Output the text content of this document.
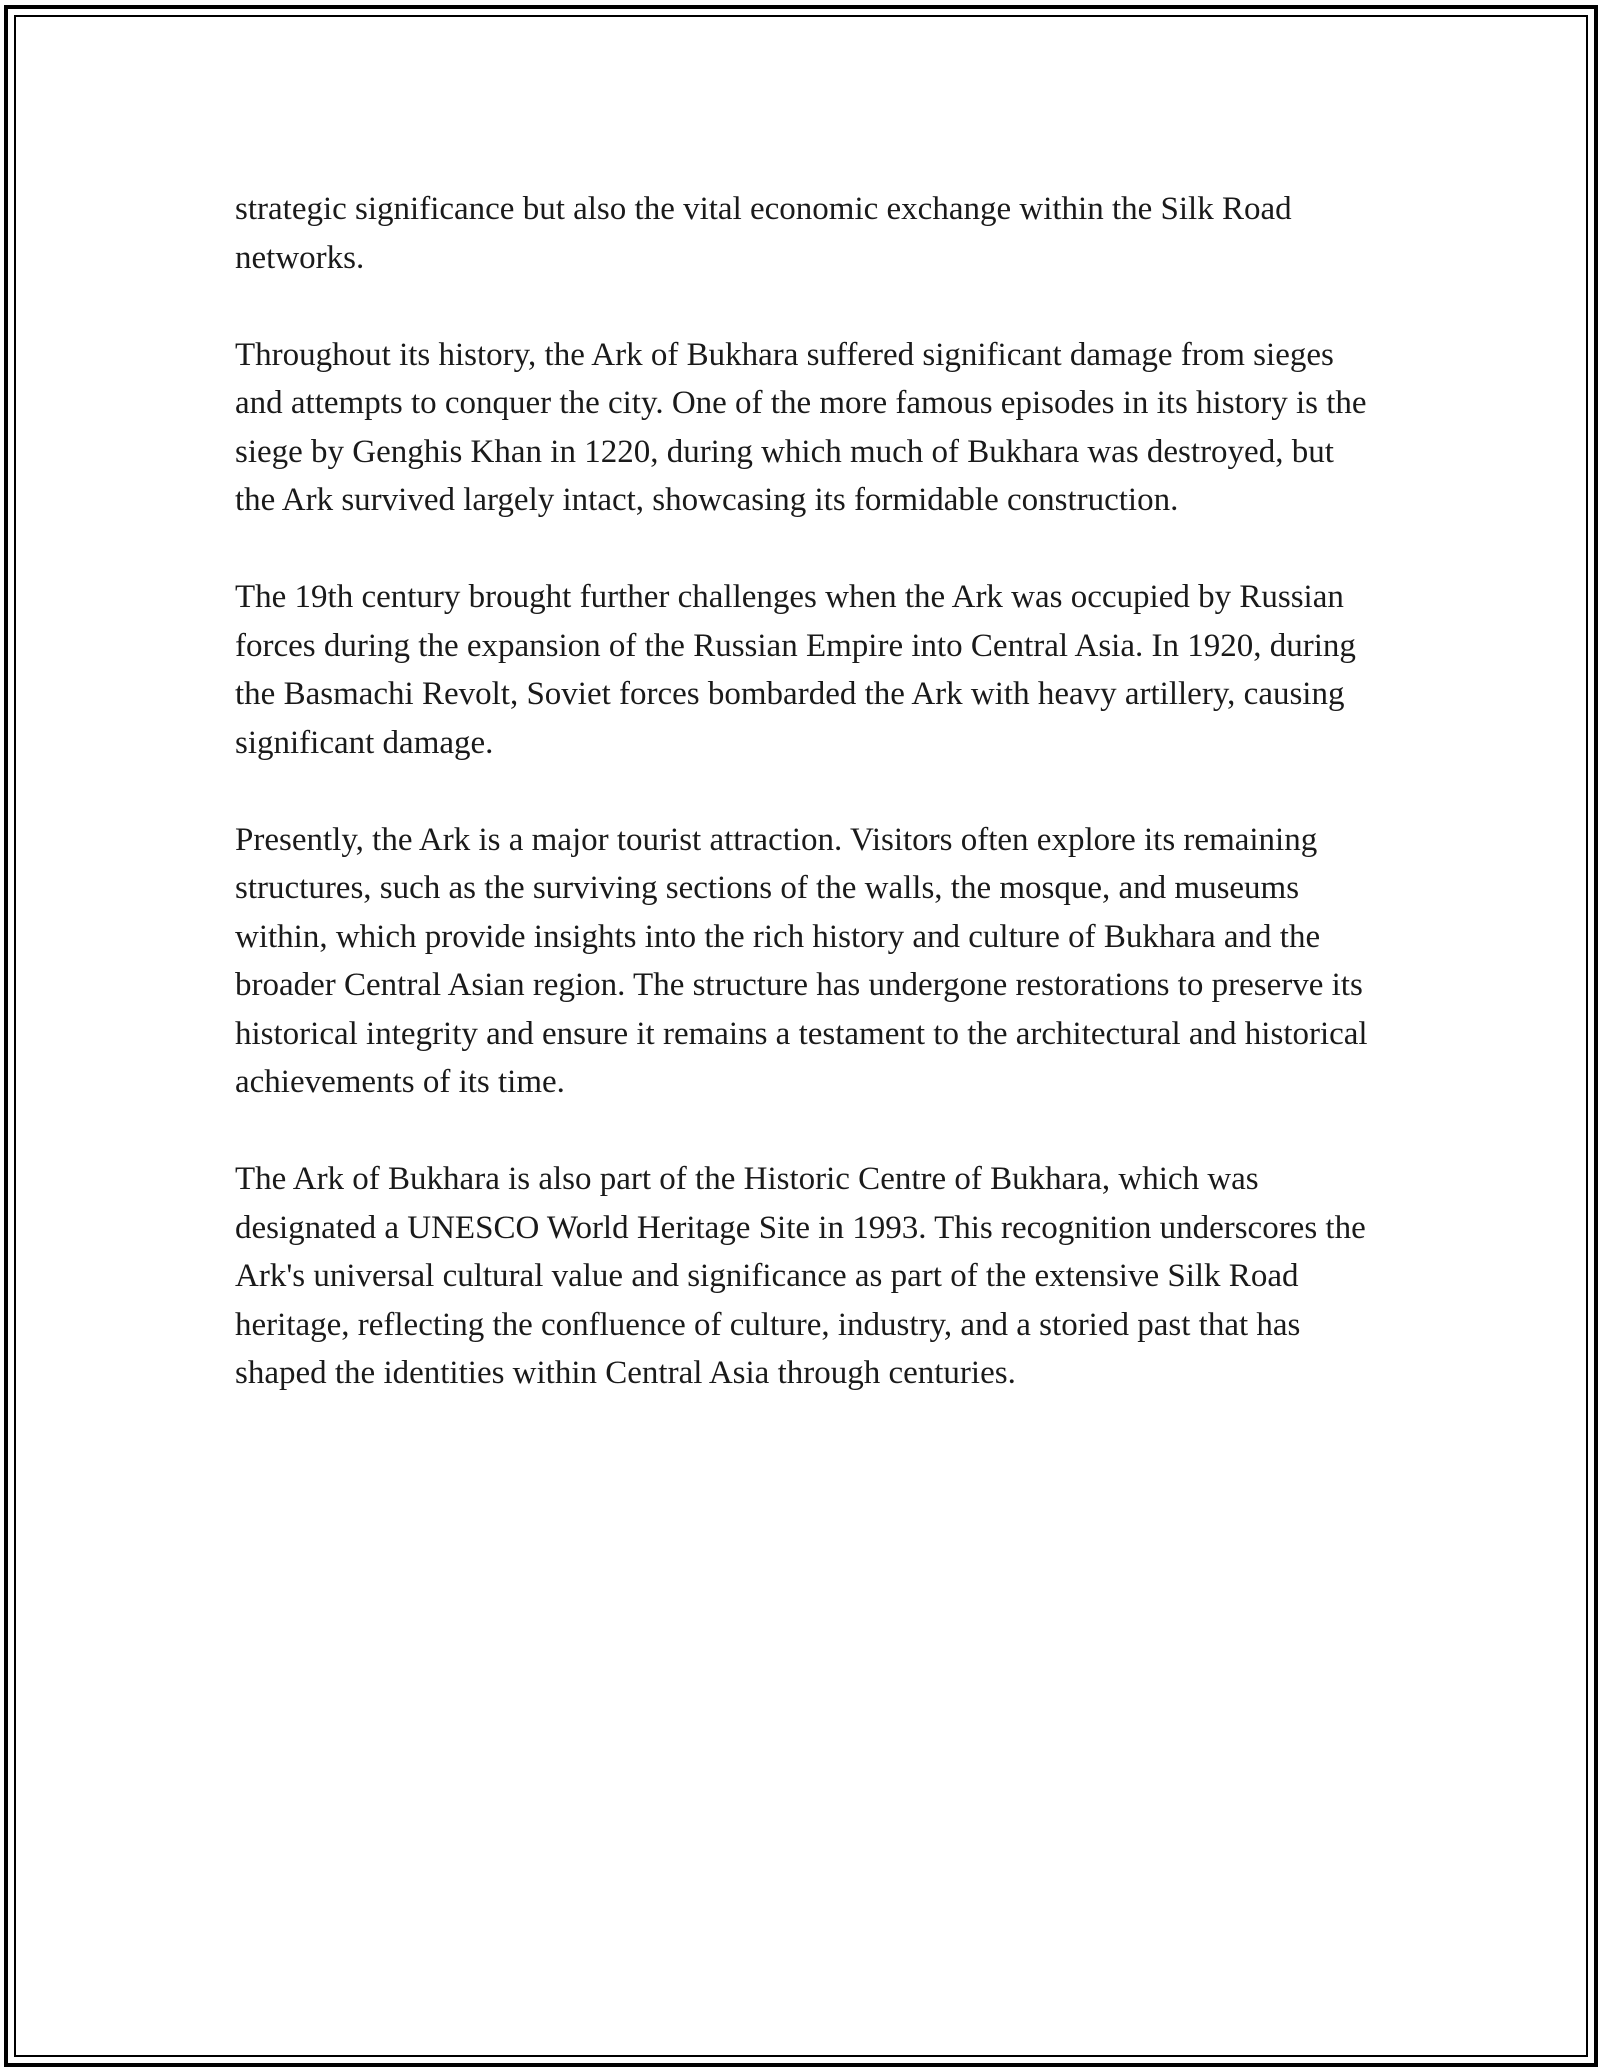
strategic significance but also the vital economic exchange within the Silk Road networks.

Throughout its history, the Ark of Bukhara suffered significant damage from sieges and attempts to conquer the city. One of the more famous episodes in its history is the siege by Genghis Khan in 1220, during which much of Bukhara was destroyed, but the Ark survived largely intact, showcasing its formidable construction.

The 19th century brought further challenges when the Ark was occupied by Russian forces during the expansion of the Russian Empire into Central Asia. In 1920, during the Basmachi Revolt, Soviet forces bombarded the Ark with heavy artillery, causing significant damage.

Presently, the Ark is a major tourist attraction. Visitors often explore its remaining structures, such as the surviving sections of the walls, the mosque, and museums within, which provide insights into the rich history and culture of Bukhara and the broader Central Asian region. The structure has undergone restorations to preserve its historical integrity and ensure it remains a testament to the architectural and historical achievements of its time.

The Ark of Bukhara is also part of the Historic Centre of Bukhara, which was designated a UNESCO World Heritage Site in 1993. This recognition underscores the Ark's universal cultural value and significance as part of the extensive Silk Road heritage, reflecting the confluence of culture, industry, and a storied past that has shaped the identities within Central Asia through centuries.
